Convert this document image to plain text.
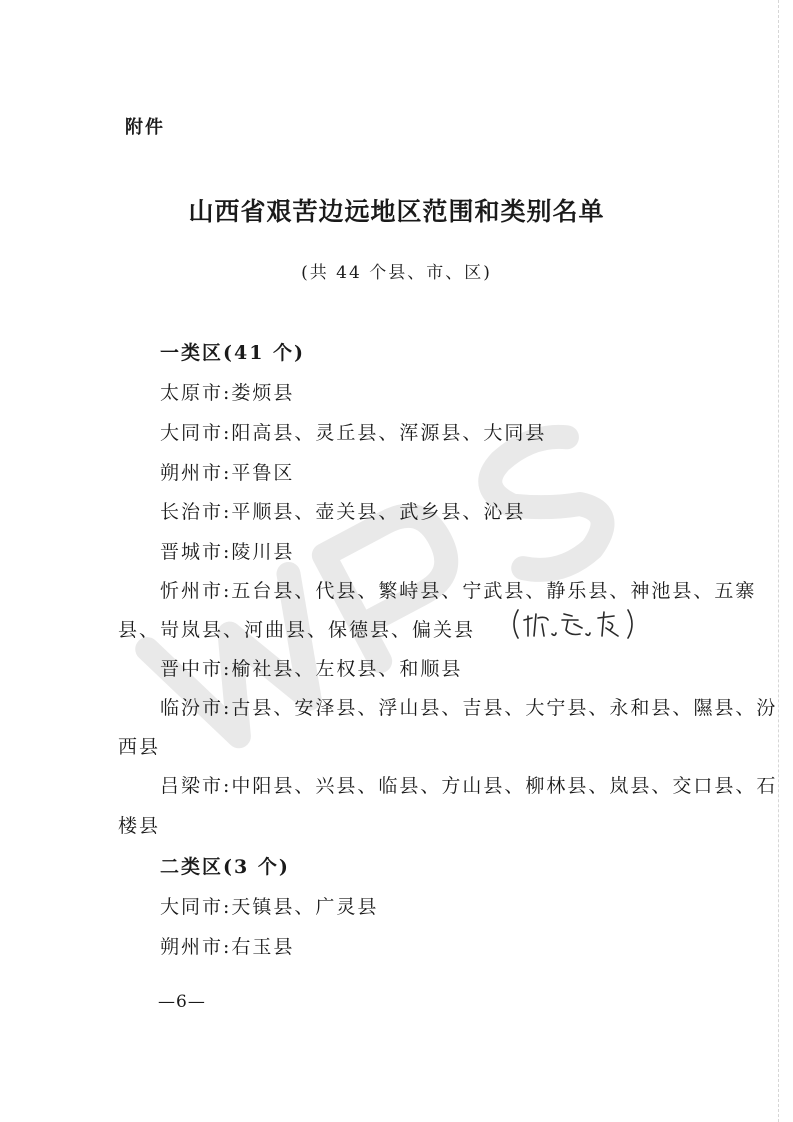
附件
山西省艰苦边远地区范围和类别名单
(共 44 个县、市、区)
一类区(41 个)
太原市:娄烦县
大同市:阳高县、灵丘县、浑源县、大同县
朔州市:平鲁区
长治市:平顺县、壶关县、武乡县、沁县
晋城市:陵川县
忻州市:五台县、代县、繁峙县、宁武县、静乐县、神池县、五寨
县、岢岚县、河曲县、保德县、偏关县
晋中市:榆社县、左权县、和顺县
临汾市:古县、安泽县、浮山县、吉县、大宁县、永和县、隰县、汾
西县
吕梁市:中阳县、兴县、临县、方山县、柳林县、岚县、交口县、石
楼县
二类区(3 个)
大同市:天镇县、广灵县
朔州市:右玉县
—6—
